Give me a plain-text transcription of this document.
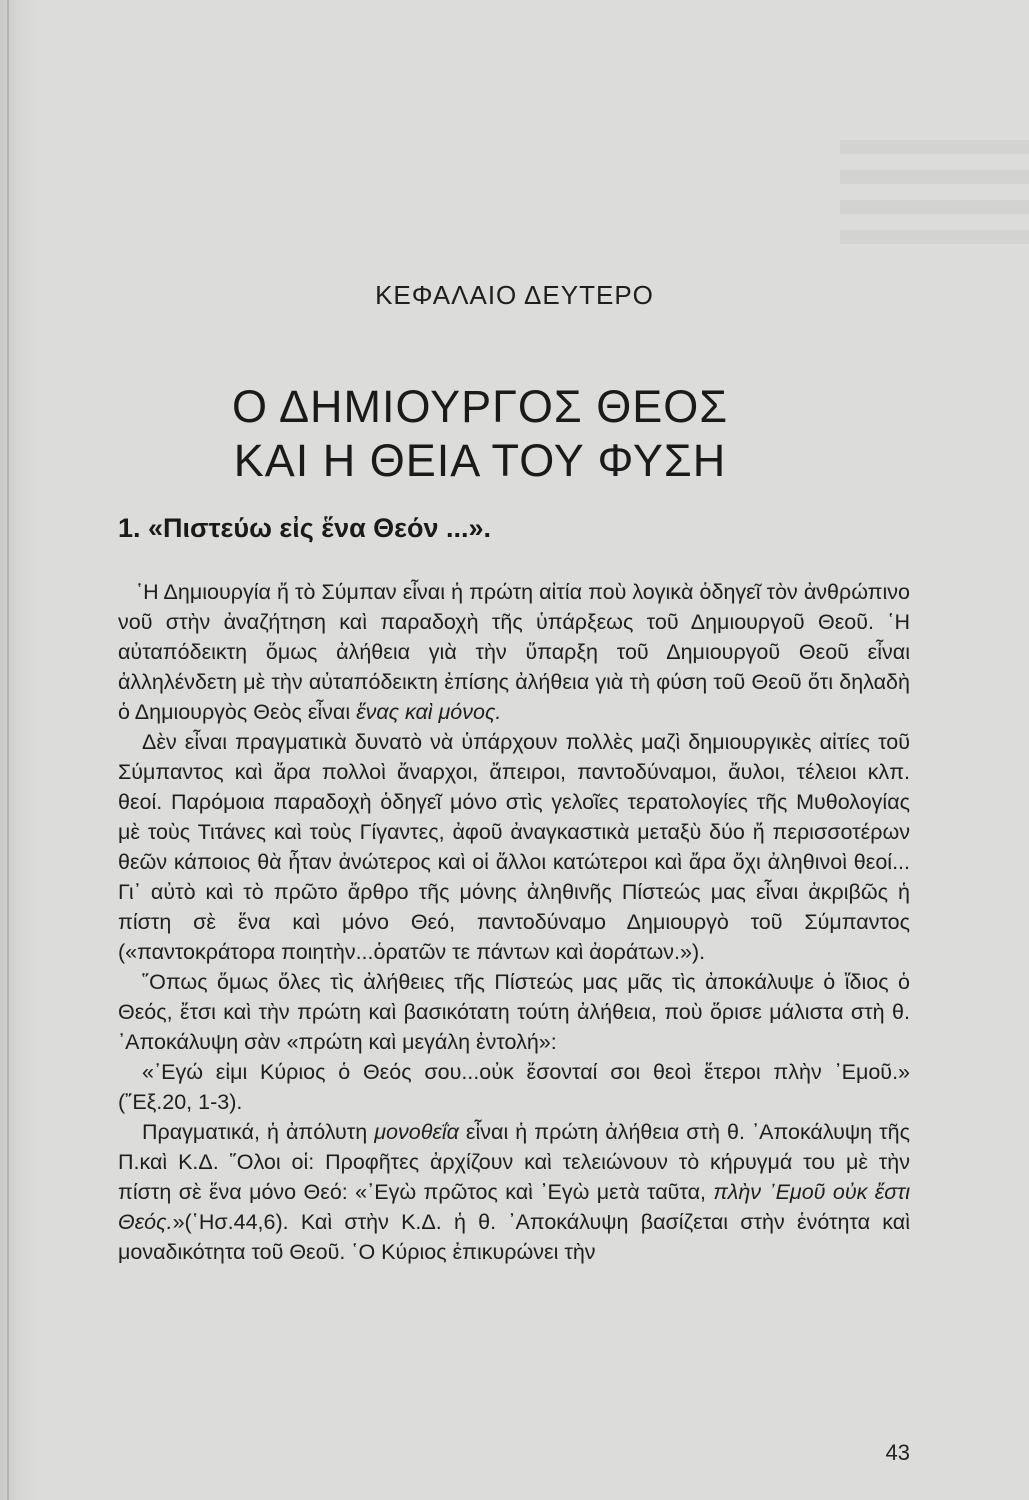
ΚΕΦΑΛΑΙΟ ΔΕΥΤΕΡΟ
Ο ΔΗΜΙΟΥΡΓΟΣ ΘΕΟΣ
ΚΑΙ Η ΘΕΙΑ ΤΟΥ ΦΥΣΗ
1. «Πιστεύω εἰς ἕνα Θεόν ...».

῾Η Δημιουργία ἤ τὸ Σύμπαν εἶναι ἡ πρώτη αἰτία ποὺ λογικὰ ὁδηγεῖ τὸν ἀνθρώπινο νοῦ στὴν ἀναζήτηση καὶ παραδοχὴ τῆς ὑπάρξεως τοῦ Δημιουργοῦ Θεοῦ. ῾Η αὐταπόδεικτη ὅμως ἀλήθεια γιὰ τὴν ὕπαρξη τοῦ Δημιουργοῦ Θεοῦ εἶναι ἀλληλένδετη μὲ τὴν αὐταπόδεικτη ἐπίσης ἀλήθεια γιὰ τὴ φύση τοῦ Θεοῦ ὅτι δηλαδὴ ὁ Δημιουργὸς Θεὸς εἶναι ἕνας καὶ μόνος.

Δὲν εἶναι πραγματικὰ δυνατὸ νὰ ὑπάρχουν πολλὲς μαζὶ δημιουργικὲς αἰτίες τοῦ Σύμπαντος καὶ ἄρα πολλοὶ ἄναρχοι, ἄπειροι, παντοδύναμοι, ἄυλοι, τέλειοι κλπ. θεοί. Παρόμοια παραδοχὴ ὁδηγεῖ μόνο στὶς γελοῖες τερατολογίες τῆς Μυθολογίας μὲ τοὺς Τιτάνες καὶ τοὺς Γίγαντες, ἀφοῦ ἀναγκαστικὰ μεταξὺ δύο ἤ περισσοτέρων θεῶν κάποιος θὰ ἦταν ἀνώτερος καὶ οἱ ἄλλοι κατώτεροι καὶ ἄρα ὄχι ἀληθινοὶ θεοί... Γι᾿ αὐτὸ καὶ τὸ πρῶτο ἄρθρο τῆς μόνης ἀληθινῆς Πίστεώς μας εἶναι ἀκριβῶς ἡ πίστη σὲ ἕνα καὶ μόνο Θεό, παντοδύναμο Δημιουργὸ τοῦ Σύμπαντος («παντοκράτορα ποιητὴν...ὁρατῶν τε πάντων καὶ ἀοράτων.»).

῞Οπως ὅμως ὅλες τὶς ἀλήθειες τῆς Πίστεώς μας μᾶς τὶς ἀποκάλυψε ὁ ἴδιος ὁ Θεός, ἔτσι καὶ τὴν πρώτη καὶ βασικότατη τούτη ἀλήθεια, ποὺ ὅρισε μάλιστα στὴ θ. ᾿Αποκάλυψη σὰν «πρώτη καὶ μεγάλη ἐντολή»:

«᾿Εγώ εἰμι Κύριος ὁ Θεός σου...οὐκ ἔσονταί σοι θεοὶ ἕτεροι πλὴν ᾿Εμοῦ.» (῎Εξ.20, 1-3).

Πραγματικά, ἡ ἀπόλυτη μονοθεΐα εἶναι ἡ πρώτη ἀλήθεια στὴ θ. ᾿Αποκάλυψη τῆς Π.καὶ Κ.Δ. ῞Ολοι οἱ: Προφῆτες ἀρχίζουν καὶ τελειώνουν τὸ κήρυγμά του μὲ τὴν πίστη σὲ ἕνα μόνο Θεό: «᾿Εγὼ πρῶτος καὶ ᾿Εγὼ μετὰ ταῦτα, πλὴν ᾿Εμοῦ οὐκ ἔστι Θεός.»(῾Ησ.44,6). Καὶ στὴν Κ.Δ. ἡ θ. ᾿Αποκάλυψη βασίζεται στὴν ἑνότητα καὶ μοναδικότητα τοῦ Θεοῦ. ῾Ο Κύριος ἐπικυρώνει τὴν

43
